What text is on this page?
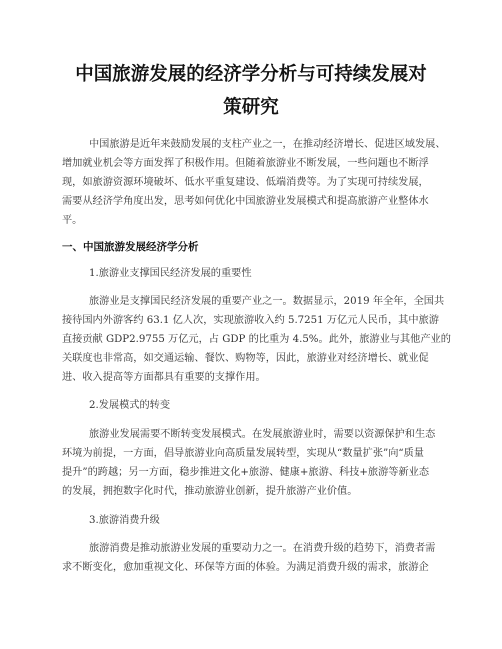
中国旅游发展的经济学分析与可持续发展对
策研究

中国旅游是近年来鼓励发展的支柱产业之一，在推动经济增长、促进区域发展、

增加就业机会等方面发挥了积极作用。但随着旅游业不断发展，一些问题也不断浮

现，如旅游资源环境破坏、低水平重复建设、低端消费等。为了实现可持续发展，

需要从经济学角度出发，思考如何优化中国旅游业发展模式和提高旅游产业整体水

平。

一、中国旅游发展经济学分析

1.旅游业支撑国民经济发展的重要性

旅游业是支撑国民经济发展的重要产业之一。数据显示，2019 年全年，全国共

接待国内外游客约 63.1 亿人次，实现旅游收入约 5.7251 万亿元人民币，其中旅游

直接贡献 GDP2.9755 万亿元，占 GDP 的比重为 4.5%。此外，旅游业与其他产业的

关联度也非常高，如交通运输、餐饮、购物等，因此，旅游业对经济增长、就业促

进、收入提高等方面都具有重要的支撑作用。

2.发展模式的转变

旅游业发展需要不断转变发展模式。在发展旅游业时，需要以资源保护和生态

环境为前提，一方面，倡导旅游业向高质量发展转型，实现从“数量扩张”向“质量

提升”的跨越；另一方面，稳步推进文化+旅游、健康+旅游、科技+旅游等新业态

的发展，拥抱数字化时代，推动旅游业创新，提升旅游产业价值。

3.旅游消费升级

旅游消费是推动旅游业发展的重要动力之一。在消费升级的趋势下，消费者需

求不断变化，愈加重视文化、环保等方面的体验。为满足消费升级的需求，旅游企
